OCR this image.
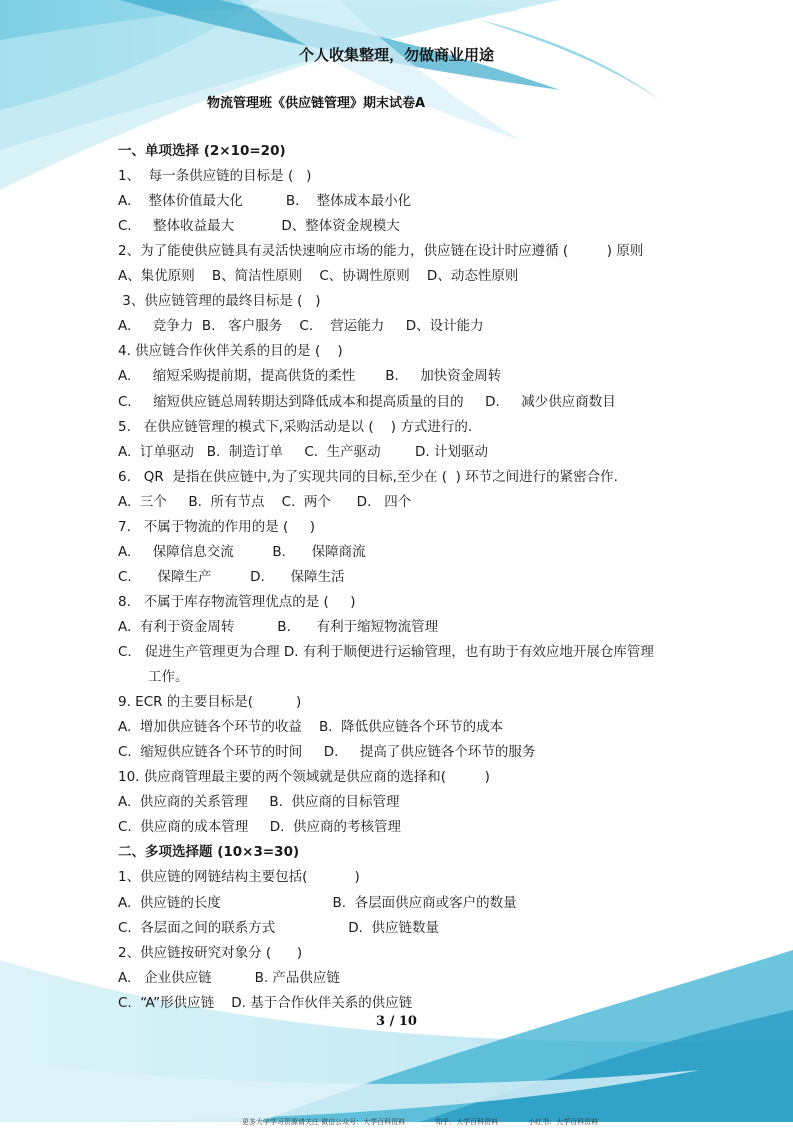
个人收集整理，勿做商业用途
物流管理班《供应链管理》期末试卷A
一、单项选择 (2×10=20)
1、  每一条供应链的目标是 (   )
A.    整体价值最大化          B.    整体成本最小化
C.     整体收益最大           D、整体资金规模大
2、为了能使供应链具有灵活快速响应市场的能力，供应链在设计时应遵循 (         ) 原则
A、集优原则    B、简洁性原则    C、协调性原则    D、动态性原则
3、供应链管理的最终目标是 (   )
A.     竞争力  B.   客户服务    C.    营运能力     D、设计能力
4. 供应链合作伙伴关系的目的是 (    )
A.     缩短采购提前期，提高供货的柔性       B.     加快资金周转
C.     缩短供应链总周转期达到降低成本和提高质量的目的     D.     减少供应商数目
5.   在供应链管理的模式下,采购活动是以 (    ) 方式进行的.
A.  订单驱动   B.  制造订单     C.  生产驱动        D. 计划驱动
6.   QR  是指在供应链中,为了实现共同的目标,至少在 (  ) 环节之间进行的紧密合作.
A.  三个     B.  所有节点    C.  两个      D.   四个
7.   不属于物流的作用的是 (     )
A.     保障信息交流         B.      保障商流
C.      保障生产         D.      保障生活
8.   不属于库存物流管理优点的是 (     )
A.  有利于资金周转          B.      有利于缩短物流管理
C.   促进生产管理更为合理 D. 有利于顺便进行运输管理，也有助于有效应地开展仓库管理
工作。
9. ECR 的主要目标是(          )
A.  增加供应链各个环节的收益    B.  降低供应链各个环节的成本
C.  缩短供应链各个环节的时间     D.     提高了供应链各个环节的服务
10. 供应商管理最主要的两个领域就是供应商的选择和(         )
A.  供应商的关系管理     B.  供应商的目标管理
C.  供应商的成本管理     D.  供应商的考核管理
二、多项选择题 (10×3=30)
1、供应链的网链结构主要包括(           )
A.  供应链的长度                          B.  各层面供应商或客户的数量
C.  各层面之间的联系方式                 D.  供应链数量
2、供应链按研究对象分 (      )
A.   企业供应链          B. 产品供应链
C.  “A”形供应链    D. 基于合作伙伴关系的供应链
3 / 10

更多大学学习资源请关注 微信公众号：大学百科资料	知乎：大学百科资料	小红书：大学百科资料
